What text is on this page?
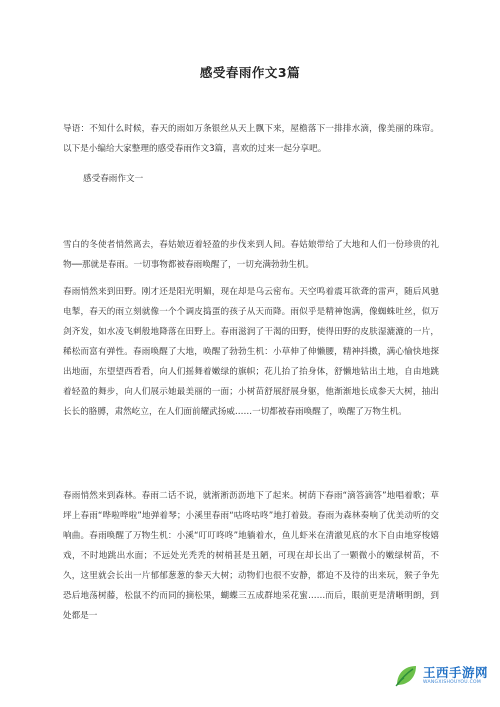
感受春雨作文3篇

导语：不知什么时候，春天的雨如万条银丝从天上飘下来，屋檐落下一排排水滴，像美丽的珠帘。以下是小编给大家整理的感受春雨作文3篇，喜欢的过来一起分享吧。

感受春雨作文一

雪白的冬使者悄然离去，春姑娘迈着轻盈的步伐来到人间。春姑娘带给了大地和人们一份珍贵的礼物──那就是春雨。一切事物都被春雨唤醒了，一切充满勃勃生机。

春雨悄然来到田野。刚才还是阳光明媚，现在却是乌云密布。天空鸣着震耳欲聋的雷声，随后风驰电掣，春天的雨立刻就像一个个调皮捣蛋的孩子从天而降。雨似乎是精神饱满，像蜘蛛吐丝，似万剑齐发，如水凌飞刺般地降落在田野上。春雨滋润了干渴的田野，使得田野的皮肤湿漉漉的一片，稀松而富有弹性。春雨唤醒了大地，唤醒了勃勃生机：小草伸了伸懒腰，精神抖擞，满心愉快地探出地面，东望望西看看，向人们摇舞着嫩绿的旗帜；花儿抬了抬身体，舒懒地钻出土地，自由地跳着轻盈的舞步，向人们展示她最美丽的一面；小树苗舒展舒展身躯，他渐渐地长成参天大树，抽出长长的胳膊，肃然屹立，在人们面前耀武扬威……一切都被春雨唤醒了，唤醒了万物生机。

春雨悄然来到森林。春雨二话不说，就淅淅沥沥地下了起来。树荫下春雨“滴答滴答”地唱着歌；草坪上春雨“哗啦哗啦”地弹着琴；小溪里春雨“咕咚咕咚”地打着鼓。春雨为森林奏响了优美动听的交响曲。春雨唤醒了万物生机：小溪“叮叮咚咚”地躺着水，鱼儿虾米在清澈见底的水下自由地穿梭嬉戏，不时地跳出水面；不远处光秃秃的树梢甚是丑陋，可现在却长出了一颗微小的嫩绿树苗，不久，这里就会长出一片郁郁葱葱的参天大树；动物们也很不安静，都迫不及待的出来玩，猴子争先恐后地荡树藤，松鼠不约而同的摘松果，蝴蝶三五成群地采花蜜……而后，眼前更是清晰明朗，到处都是一

王西手游网
WANGXISHOUYOU.COM
